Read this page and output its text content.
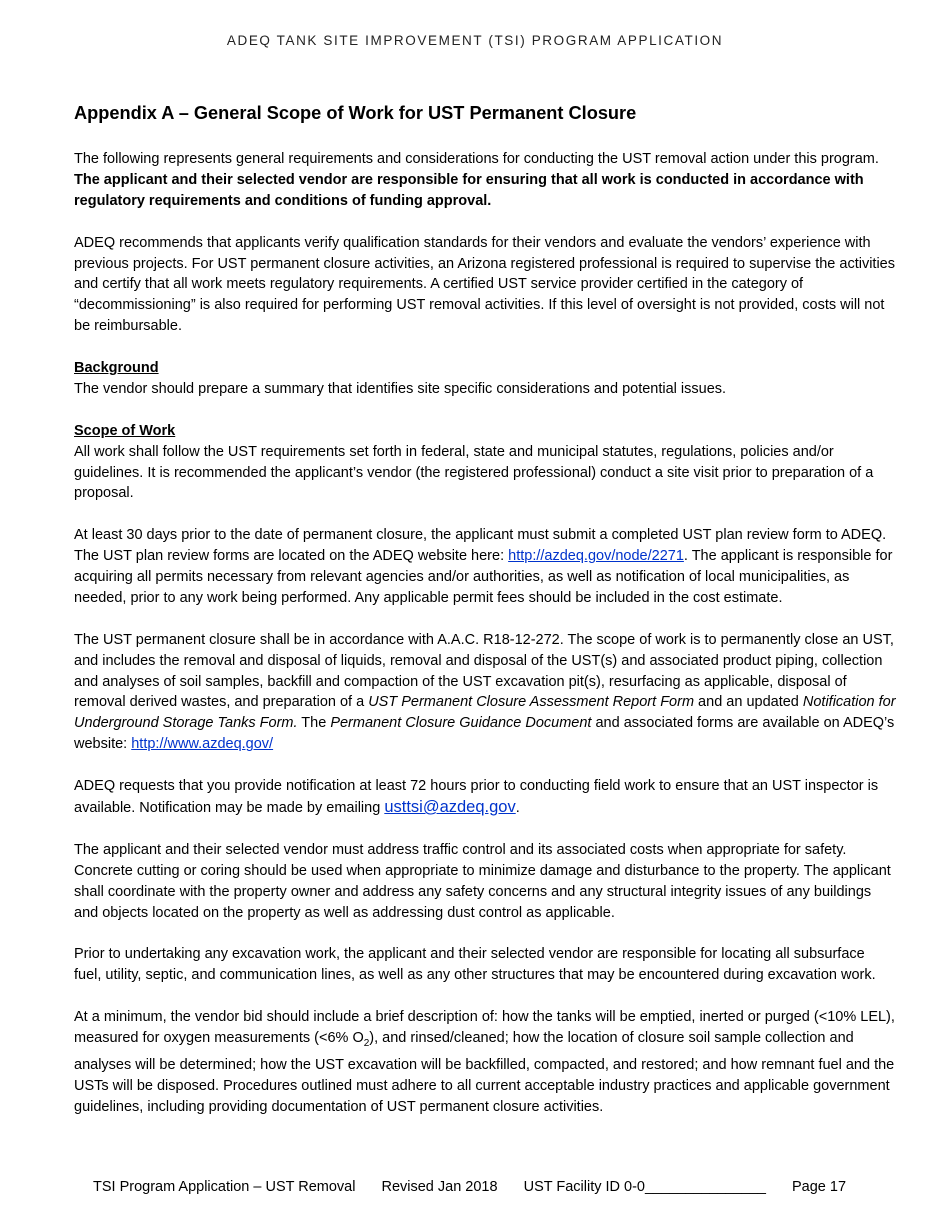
ADEQ TANK SITE IMPROVEMENT (TSI) PROGRAM APPLICATION
Appendix A – General Scope of Work for UST Permanent Closure

The following represents general requirements and considerations for conducting the UST removal action under this program. The applicant and their selected vendor are responsible for ensuring that all work is conducted in accordance with regulatory requirements and conditions of funding approval.

ADEQ recommends that applicants verify qualification standards for their vendors and evaluate the vendors’ experience with previous projects. For UST permanent closure activities, an Arizona registered professional is required to supervise the activities and certify that all work meets regulatory requirements. A certified UST service provider certified in the category of “decommissioning” is also required for performing UST removal activities. If this level of oversight is not provided, costs will not be reimbursable.

Background
The vendor should prepare a summary that identifies site specific considerations and potential issues.

Scope of Work
All work shall follow the UST requirements set forth in federal, state and municipal statutes, regulations, policies and/or guidelines. It is recommended the applicant’s vendor (the registered professional) conduct a site visit prior to preparation of a proposal.

At least 30 days prior to the date of permanent closure, the applicant must submit a completed UST plan review form to ADEQ. The UST plan review forms are located on the ADEQ website here: http://azdeq.gov/node/2271. The applicant is responsible for acquiring all permits necessary from relevant agencies and/or authorities, as well as notification of local municipalities, as needed, prior to any work being performed. Any applicable permit fees should be included in the cost estimate.

The UST permanent closure shall be in accordance with A.A.C. R18-12-272. The scope of work is to permanently close an UST, and includes the removal and disposal of liquids, removal and disposal of the UST(s) and associated product piping, collection and analyses of soil samples, backfill and compaction of the UST excavation pit(s), resurfacing as applicable, disposal of removal derived wastes, and preparation of a UST Permanent Closure Assessment Report Form and an updated Notification for Underground Storage Tanks Form. The Permanent Closure Guidance Document and associated forms are available on ADEQ’s website: http://www.azdeq.gov/

ADEQ requests that you provide notification at least 72 hours prior to conducting field work to ensure that an UST inspector is available. Notification may be made by emailing usttsi@azdeq.gov.

The applicant and their selected vendor must address traffic control and its associated costs when appropriate for safety. Concrete cutting or coring should be used when appropriate to minimize damage and disturbance to the property. The applicant shall coordinate with the property owner and address any safety concerns and any structural integrity issues of any buildings and objects located on the property as well as addressing dust control as applicable.

Prior to undertaking any excavation work, the applicant and their selected vendor are responsible for locating all subsurface fuel, utility, septic, and communication lines, as well as any other structures that may be encountered during excavation work.

At a minimum, the vendor bid should include a brief description of: how the tanks will be emptied, inerted or purged (<10% LEL), measured for oxygen measurements (<6% $O_2$), and rinsed/cleaned; how the location of closure soil sample collection and analyses will be determined; how the UST excavation will be backfilled, compacted, and restored; and how remnant fuel and the USTs will be disposed. Procedures outlined must adhere to all current acceptable industry practices and applicable government guidelines, including providing documentation of UST permanent closure activities.

TSI Program Application – UST Removal Revised Jan 2018 UST Facility ID 0-0_______________ Page 17
